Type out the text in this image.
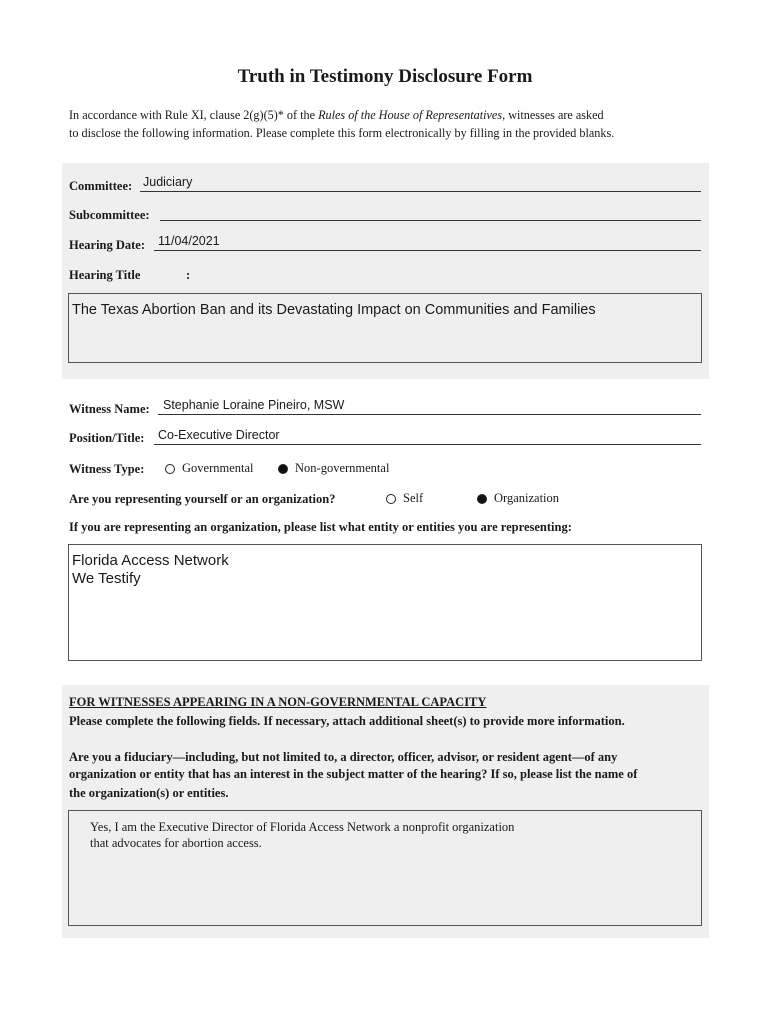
Truth in Testimony Disclosure Form
In accordance with Rule XI, clause 2(g)(5)* of the Rules of the House of Representatives, witnesses are asked
to disclose the following information. Please complete this form electronically by filling in the provided blanks.
Committee: Judiciary
Subcommittee:
Hearing Date: 11/04/2021
Hearing Title	:
The Texas Abortion Ban and its Devastating Impact on Communities and Families
Witness Name: Stephanie Loraine Pineiro, MSW
Position/Title: Co-Executive Director
Witness Type:	Governmental	Non-governmental
Are you representing yourself or an organization?	Self	Organization
If you are representing an organization, please list what entity or entities you are representing:
Florida Access Network
We Testify
FOR WITNESSES APPEARING IN A NON-GOVERNMENTAL CAPACITY
Please complete the following fields. If necessary, attach additional sheet(s) to provide more information.
Are you a fiduciary—including, but not limited to, a director, officer, advisor, or resident agent—of any
organization or entity that has an interest in the subject matter of the hearing? If so, please list the name of
the organization(s) or entities.
Yes, I am the Executive Director of Florida Access Network a nonprofit organization
that advocates for abortion access.
